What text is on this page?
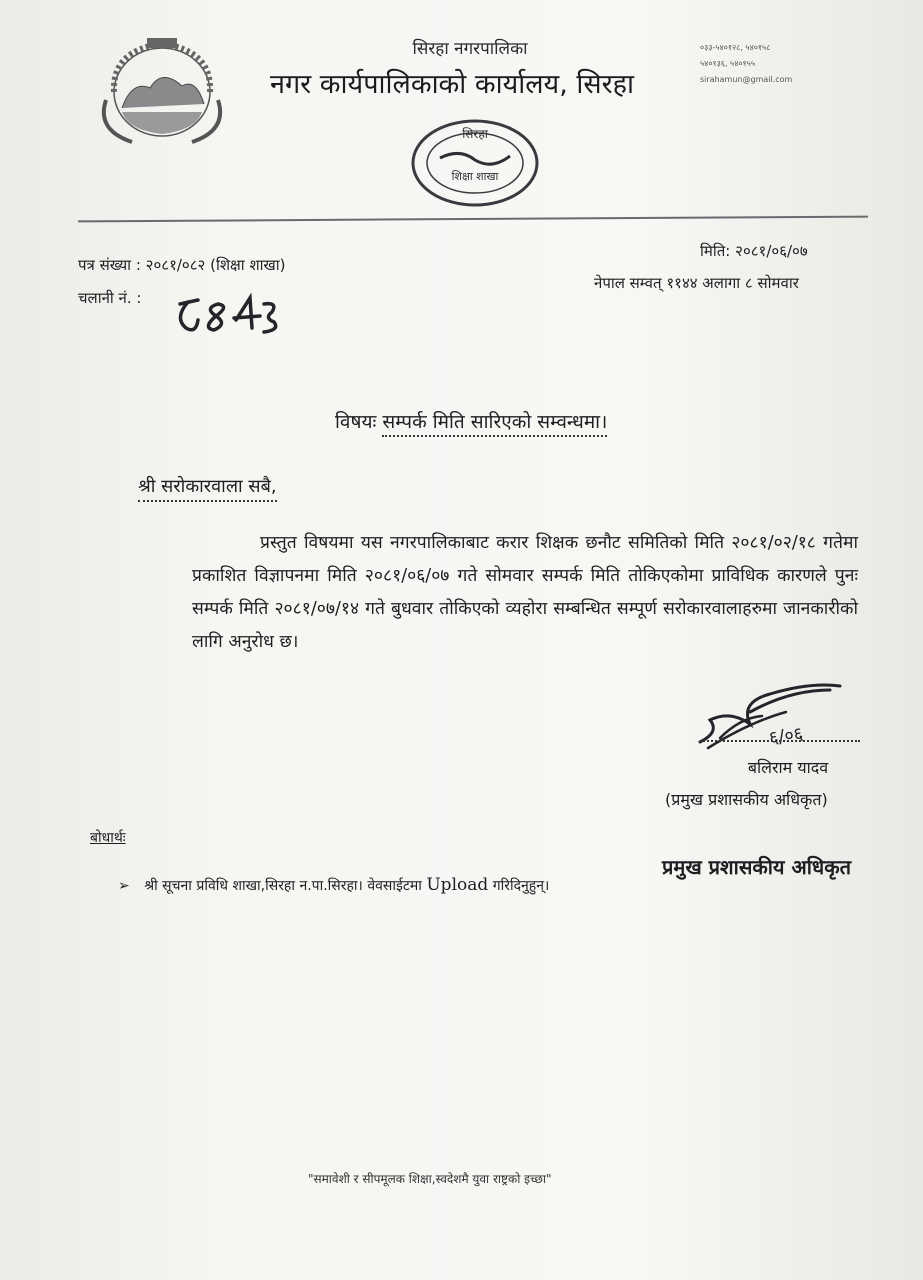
सिरहा नगरपालिका
नगर कार्यपालिकाको कार्यालय, सिरहा
०३३-५४०१२८, ५४०१५८
५४०१३६, ५४०१५५
sirahamun@gmail.com
सिरहा
शिक्षा शाखा
पत्र संख्या : २०८१/०८२ (शिक्षा शाखा)
चलानी नं. :
मिति: २०८१/०६/०७
नेपाल सम्वत् ११४४ अलागा ८ सोमवार
विषयः सम्पर्क मिति सारिएको सम्वन्धमा।
श्री सरोकारवाला सबै,
प्रस्तुत विषयमा यस नगरपालिकाबाट करार शिक्षक छनौट समितिको मिति २०८१/०२/१८ गतेमा प्रकाशित विज्ञापनमा मिति २०८१/०६/०७ गते सोमवार सम्पर्क मिति तोकिएकोमा प्राविधिक कारणले पुनः सम्पर्क मिति २०८१/०७/१४ गते बुधवार तोकिएको व्यहोरा सम्बन्धित सम्पूर्ण सरोकारवालाहरुमा जानकारीको लागि अनुरोध छ।
६/०६
बलिराम यादव
(प्रमुख प्रशासकीय अधिकृत)
बोधार्थः
➢ श्री सूचना प्रविधि शाखा,सिरहा न.पा.सिरहा। वेवसाईटमा Upload गरिदिनुहुन्।
प्रमुख प्रशासकीय अधिकृत
"समावेशी र सीपमूलक शिक्षा,स्वदेशमै युवा राष्ट्रको इच्छा"
